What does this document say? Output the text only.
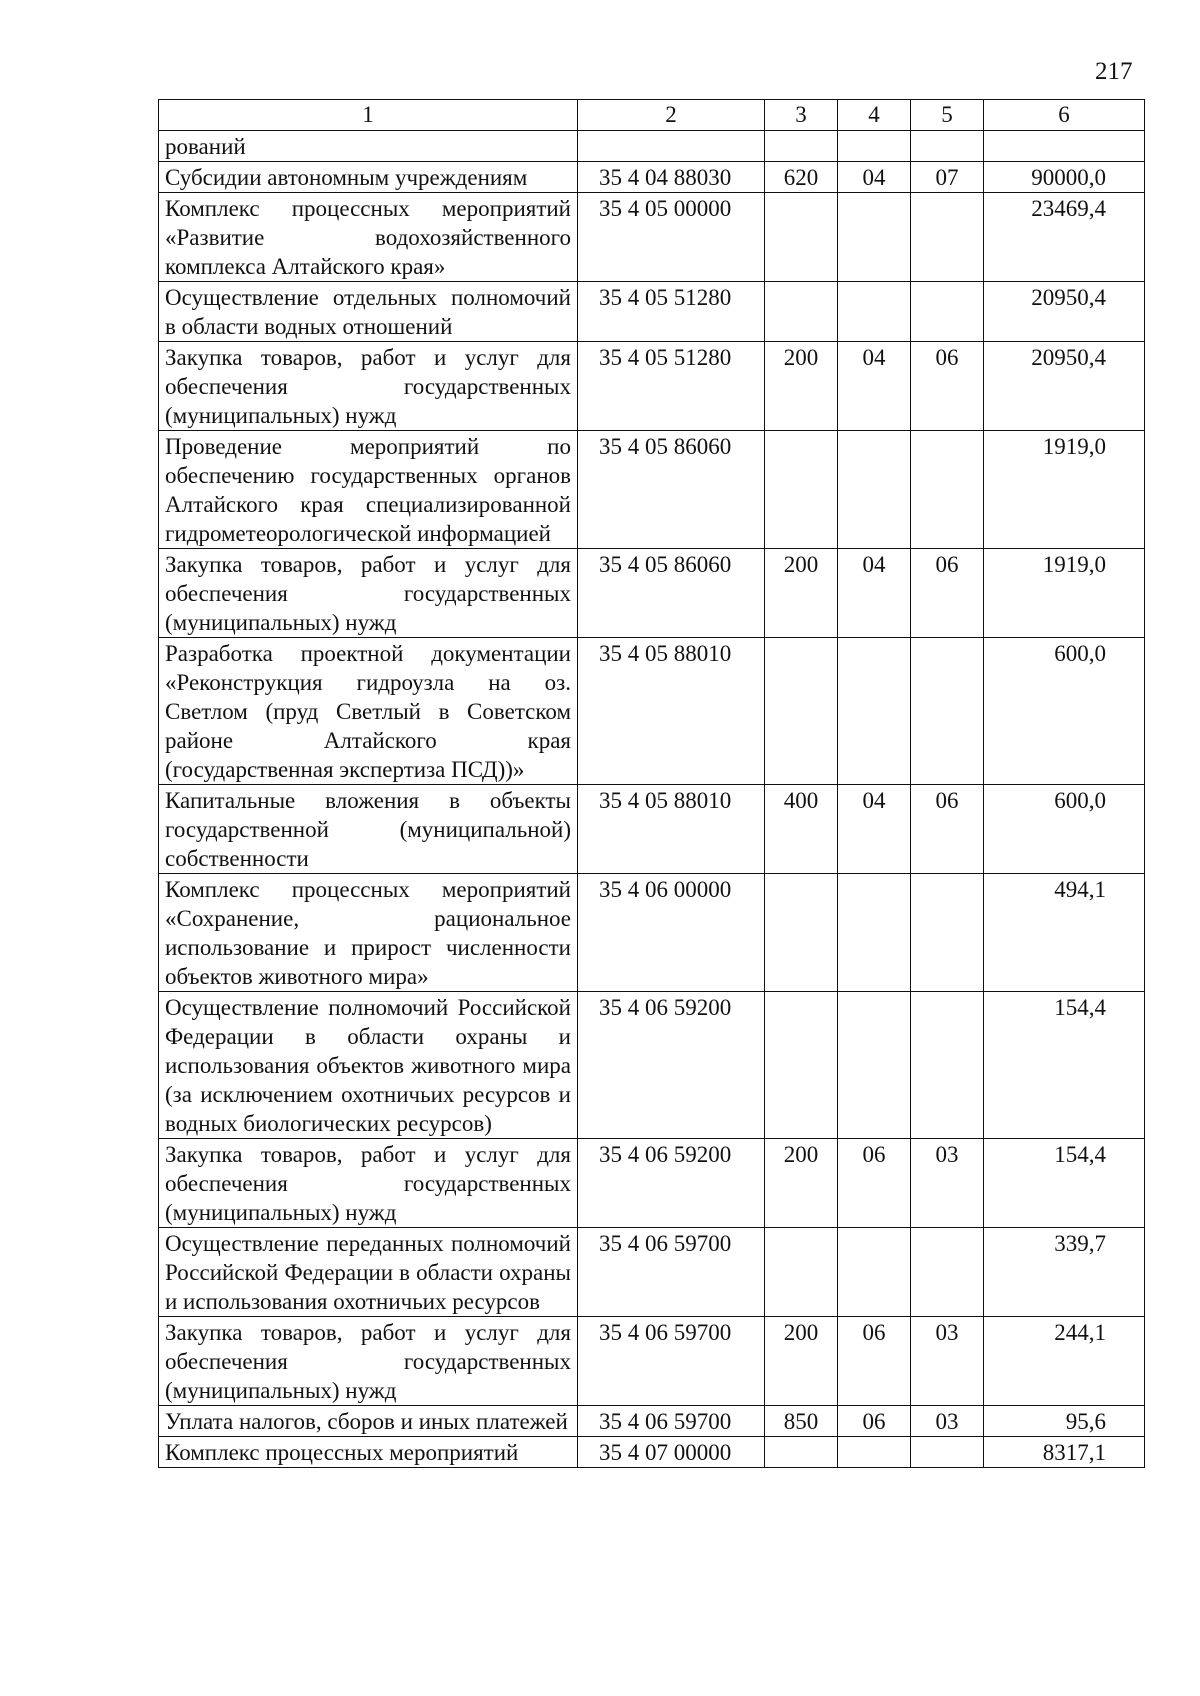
217
1	2	3	4	5	6
рований					
Субсидии автономным учреждениям	35 4 04 88030	620	04	07	90000,0
Комплекс процессных мероприятий «Развитие водохозяйственного комплекса Алтайского края»	35 4 05 00000				23469,4
Осуществление отдельных полномочий в области водных отношений	35 4 05 51280				20950,4
Закупка товаров, работ и услуг для обеспечения государственных (муниципальных) нужд	35 4 05 51280	200	04	06	20950,4
Проведение мероприятий по обеспечению государственных органов Алтайского края специализированной гидрометеорологической информацией	35 4 05 86060				1919,0
Закупка товаров, работ и услуг для обеспечения государственных (муниципальных) нужд	35 4 05 86060	200	04	06	1919,0
Разработка проектной документации «Реконструкция гидроузла на оз. Светлом (пруд Светлый в Советском районе Алтайского края (государственная экспертиза ПСД))»	35 4 05 88010				600,0
Капитальные вложения в объекты государственной (муниципальной) собственности	35 4 05 88010	400	04	06	600,0
Комплекс процессных мероприятий «Сохранение, рациональное использование и прирост численности объектов животного мира»	35 4 06 00000				494,1
Осуществление полномочий Российской Федерации в области охраны и использования объектов животного мира (за исключением охотничьих ресурсов и водных биологических ресурсов)	35 4 06 59200				154,4
Закупка товаров, работ и услуг для обеспечения государственных (муниципальных) нужд	35 4 06 59200	200	06	03	154,4
Осуществление переданных полномочий Российской Федерации в области охраны и использования охотничьих ресурсов	35 4 06 59700				339,7
Закупка товаров, работ и услуг для обеспечения государственных (муниципальных) нужд	35 4 06 59700	200	06	03	244,1
Уплата налогов, сборов и иных платежей	35 4 06 59700	850	06	03	95,6
Комплекс процессных мероприятий	35 4 07 00000				8317,1
